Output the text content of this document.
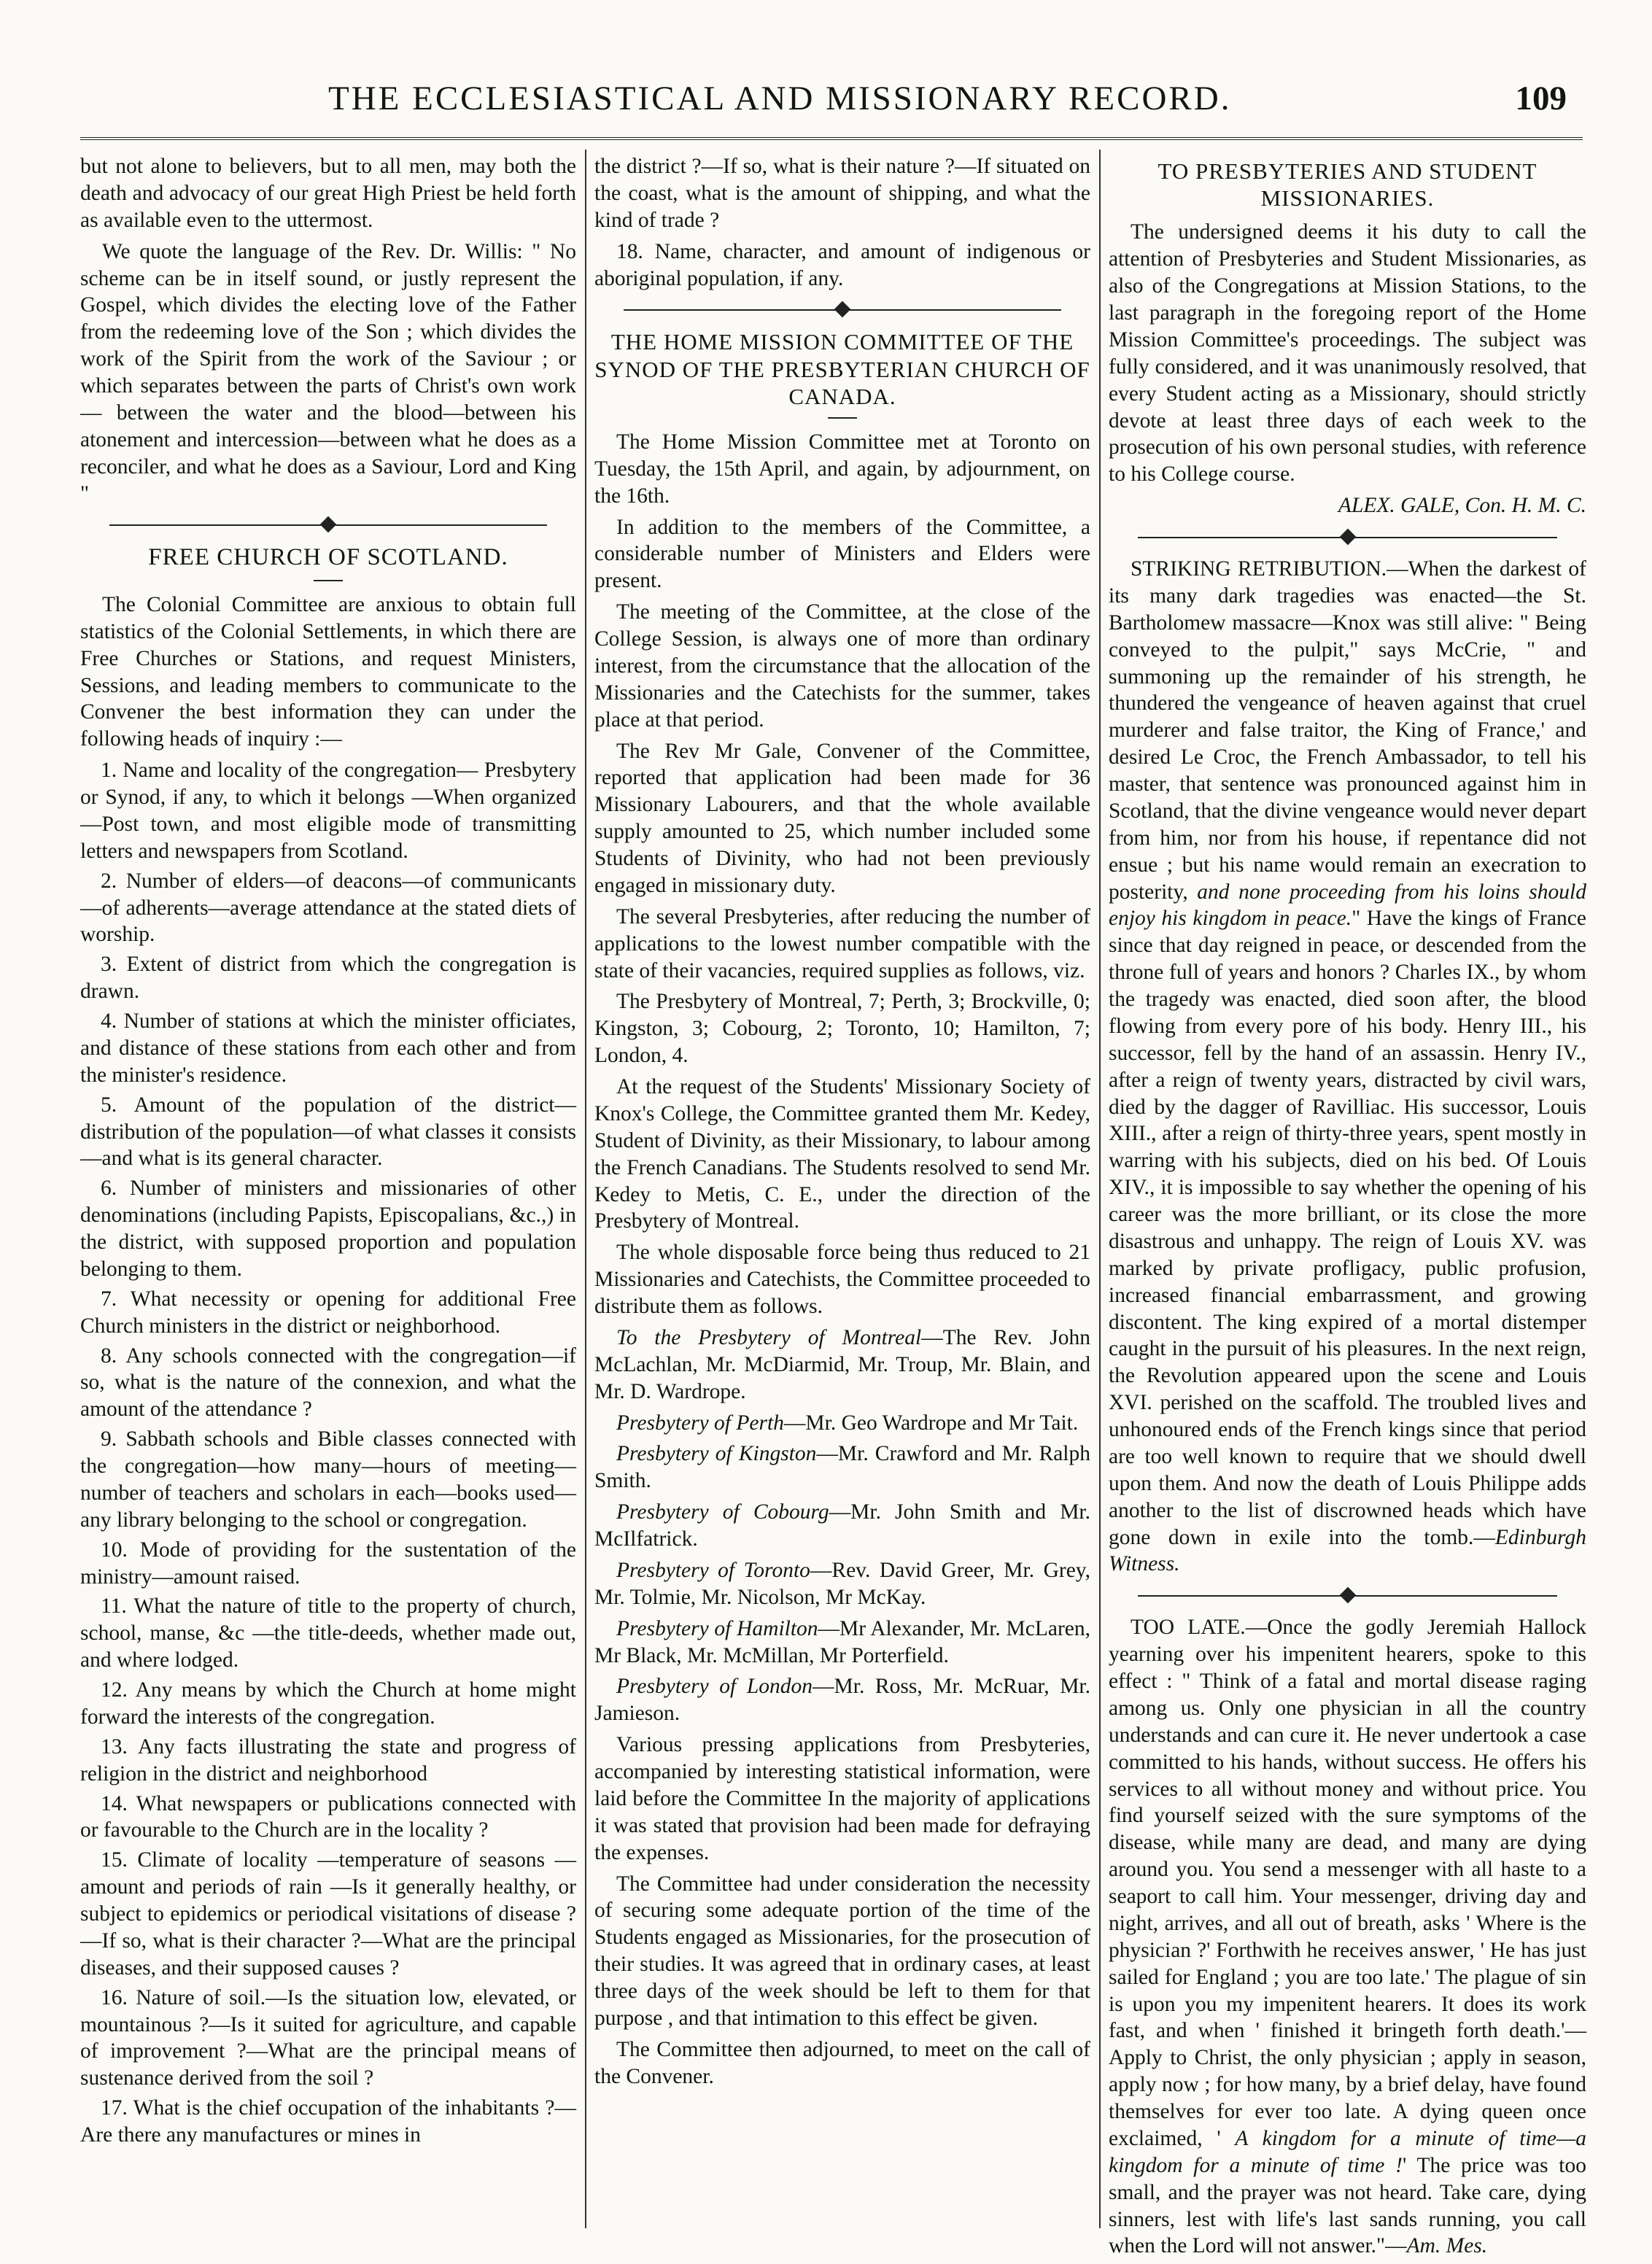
THE ECCLESIASTICAL AND MISSIONARY RECORD.	109

but not alone to believers, but to all men, may both the death and advocacy of our great High Priest be held forth as available even to the uttermost.

We quote the language of the Rev. Dr. Willis: " No scheme can be in itself sound, or justly represent the Gospel, which divides the electing love of the Father from the redeeming love of the Son ; which divides the work of the Spirit from the work of the Saviour ; or which separates between the parts of Christ's own work— between the water and the blood—between his atonement and intercession—between what he does as a reconciler, and what he does as a Saviour, Lord and King "

FREE CHURCH OF SCOTLAND.

The Colonial Committee are anxious to obtain full statistics of the Colonial Settlements, in which there are Free Churches or Stations, and request Ministers, Sessions, and leading members to communicate to the Convener the best information they can under the following heads of inquiry :—

1. Name and locality of the congregation— Presbytery or Synod, if any, to which it belongs —When organized—Post town, and most eligible mode of transmitting letters and newspapers from Scotland.

2. Number of elders—of deacons—of communicants—of adherents—average attendance at the stated diets of worship.

3. Extent of district from which the congregation is drawn.

4. Number of stations at which the minister officiates, and distance of these stations from each other and from the minister's residence.

5. Amount of the population of the district— distribution of the population—of what classes it consists—and what is its general character.

6. Number of ministers and missionaries of other denominations (including Papists, Episcopalians, &c.,) in the district, with supposed proportion and population belonging to them.

7. What necessity or opening for additional Free Church ministers in the district or neighborhood.

8. Any schools connected with the congregation—if so, what is the nature of the connexion, and what the amount of the attendance ?

9. Sabbath schools and Bible classes connected with the congregation—how many—hours of meeting—number of teachers and scholars in each—books used—any library belonging to the school or congregation.

10. Mode of providing for the sustentation of the ministry—amount raised.

11. What the nature of title to the property of church, school, manse, &c —the title-deeds, whether made out, and where lodged.

12. Any means by which the Church at home might forward the interests of the congregation.

13. Any facts illustrating the state and progress of religion in the district and neighborhood

14. What newspapers or publications connected with or favourable to the Church are in the locality ?

15. Climate of locality —temperature of seasons —amount and periods of rain —Is it generally healthy, or subject to epidemics or periodical visitations of disease ?—If so, what is their character ?—What are the principal diseases, and their supposed causes ?

16. Nature of soil.—Is the situation low, elevated, or mountainous ?—Is it suited for agriculture, and capable of improvement ?—What are the principal means of sustenance derived from the soil ?

17. What is the chief occupation of the inhabitants ?—Are there any manufactures or mines in

the district ?—If so, what is their nature ?—If situated on the coast, what is the amount of shipping, and what the kind of trade ?

18. Name, character, and amount of indigenous or aboriginal population, if any.

THE HOME MISSION COMMITTEE OF THE SYNOD OF THE PRESBYTERIAN CHURCH OF CANADA.

The Home Mission Committee met at Toronto on Tuesday, the 15th April, and again, by adjournment, on the 16th.

In addition to the members of the Committee, a considerable number of Ministers and Elders were present.

The meeting of the Committee, at the close of the College Session, is always one of more than ordinary interest, from the circumstance that the allocation of the Missionaries and the Catechists for the summer, takes place at that period.

The Rev Mr Gale, Convener of the Committee, reported that application had been made for 36 Missionary Labourers, and that the whole available supply amounted to 25, which number included some Students of Divinity, who had not been previously engaged in missionary duty.

The several Presbyteries, after reducing the number of applications to the lowest number compatible with the state of their vacancies, required supplies as follows, viz.

The Presbytery of Montreal, 7; Perth, 3; Brockville, 0; Kingston, 3; Cobourg, 2; Toronto, 10; Hamilton, 7; London, 4.

At the request of the Students' Missionary Society of Knox's College, the Committee granted them Mr. Kedey, Student of Divinity, as their Missionary, to labour among the French Canadians. The Students resolved to send Mr. Kedey to Metis, C. E., under the direction of the Presbytery of Montreal.

The whole disposable force being thus reduced to 21 Missionaries and Catechists, the Committee proceeded to distribute them as follows.

To the Presbytery of Montreal—The Rev. John McLachlan, Mr. McDiarmid, Mr. Troup, Mr. Blain, and Mr. D. Wardrope.

Presbytery of Perth—Mr. Geo Wardrope and Mr Tait.

Presbytery of Kingston—Mr. Crawford and Mr. Ralph Smith.

Presbytery of Cobourg—Mr. John Smith and Mr. McIlfatrick.

Presbytery of Toronto—Rev. David Greer, Mr. Grey, Mr. Tolmie, Mr. Nicolson, Mr McKay.

Presbytery of Hamilton—Mr Alexander, Mr. McLaren, Mr Black, Mr. McMillan, Mr Porterfield.

Presbytery of London—Mr. Ross, Mr. McRuar, Mr. Jamieson.

Various pressing applications from Presbyteries, accompanied by interesting statistical information, were laid before the Committee In the majority of applications it was stated that provision had been made for defraying the expenses.

The Committee had under consideration the necessity of securing some adequate portion of the time of the Students engaged as Missionaries, for the prosecution of their studies. It was agreed that in ordinary cases, at least three days of the week should be left to them for that purpose , and that intimation to this effect be given.

The Committee then adjourned, to meet on the call of the Convener.

TO PRESBYTERIES AND STUDENT MISSIONARIES.

The undersigned deems it his duty to call the attention of Presbyteries and Student Missionaries, as also of the Congregations at Mission Stations, to the last paragraph in the foregoing report of the Home Mission Committee's proceedings. The subject was fully considered, and it was unanimously resolved, that every Student acting as a Missionary, should strictly devote at least three days of each week to the prosecution of his own personal studies, with reference to his College course.

ALEX. GALE, Con. H. M. C.

STRIKING RETRIBUTION.—When the darkest of its many dark tragedies was enacted—the St. Bartholomew massacre—Knox was still alive: " Being conveyed to the pulpit," says McCrie, " and summoning up the remainder of his strength, he thundered the vengeance of heaven against that cruel murderer and false traitor, the King of France,' and desired Le Croc, the French Ambassador, to tell his master, that sentence was pronounced against him in Scotland, that the divine vengeance would never depart from him, nor from his house, if repentance did not ensue ; but his name would remain an execration to posterity, and none proceeding from his loins should enjoy his kingdom in peace." Have the kings of France since that day reigned in peace, or descended from the throne full of years and honors ? Charles IX., by whom the tragedy was enacted, died soon after, the blood flowing from every pore of his body. Henry III., his successor, fell by the hand of an assassin. Henry IV., after a reign of twenty years, distracted by civil wars, died by the dagger of Ravilliac. His successor, Louis XIII., after a reign of thirty-three years, spent mostly in warring with his subjects, died on his bed. Of Louis XIV., it is impossible to say whether the opening of his career was the more brilliant, or its close the more disastrous and unhappy. The reign of Louis XV. was marked by private profligacy, public profusion, increased financial embarrassment, and growing discontent. The king expired of a mortal distemper caught in the pursuit of his pleasures. In the next reign, the Revolution appeared upon the scene and Louis XVI. perished on the scaffold. The troubled lives and unhonoured ends of the French kings since that period are too well known to require that we should dwell upon them. And now the death of Louis Philippe adds another to the list of discrowned heads which have gone down in exile into the tomb.—Edinburgh Witness.

TOO LATE.—Once the godly Jeremiah Hallock yearning over his impenitent hearers, spoke to this effect : " Think of a fatal and mortal disease raging among us. Only one physician in all the country understands and can cure it. He never undertook a case committed to his hands, without success. He offers his services to all without money and without price. You find yourself seized with the sure symptoms of the disease, while many are dead, and many are dying around you. You send a messenger with all haste to a seaport to call him. Your messenger, driving day and night, arrives, and all out of breath, asks ' Where is the physician ?' Forthwith he receives answer, ' He has just sailed for England ; you are too late.' The plague of sin is upon you my impenitent hearers. It does its work fast, and when ' finished it bringeth forth death.'— Apply to Christ, the only physician ; apply in season, apply now ; for how many, by a brief delay, have found themselves for ever too late. A dying queen once exclaimed, ' A kingdom for a minute of time—a kingdom for a minute of time !' The price was too small, and the prayer was not heard. Take care, dying sinners, lest with life's last sands running, you call when the Lord will not answer."—Am. Mes.
